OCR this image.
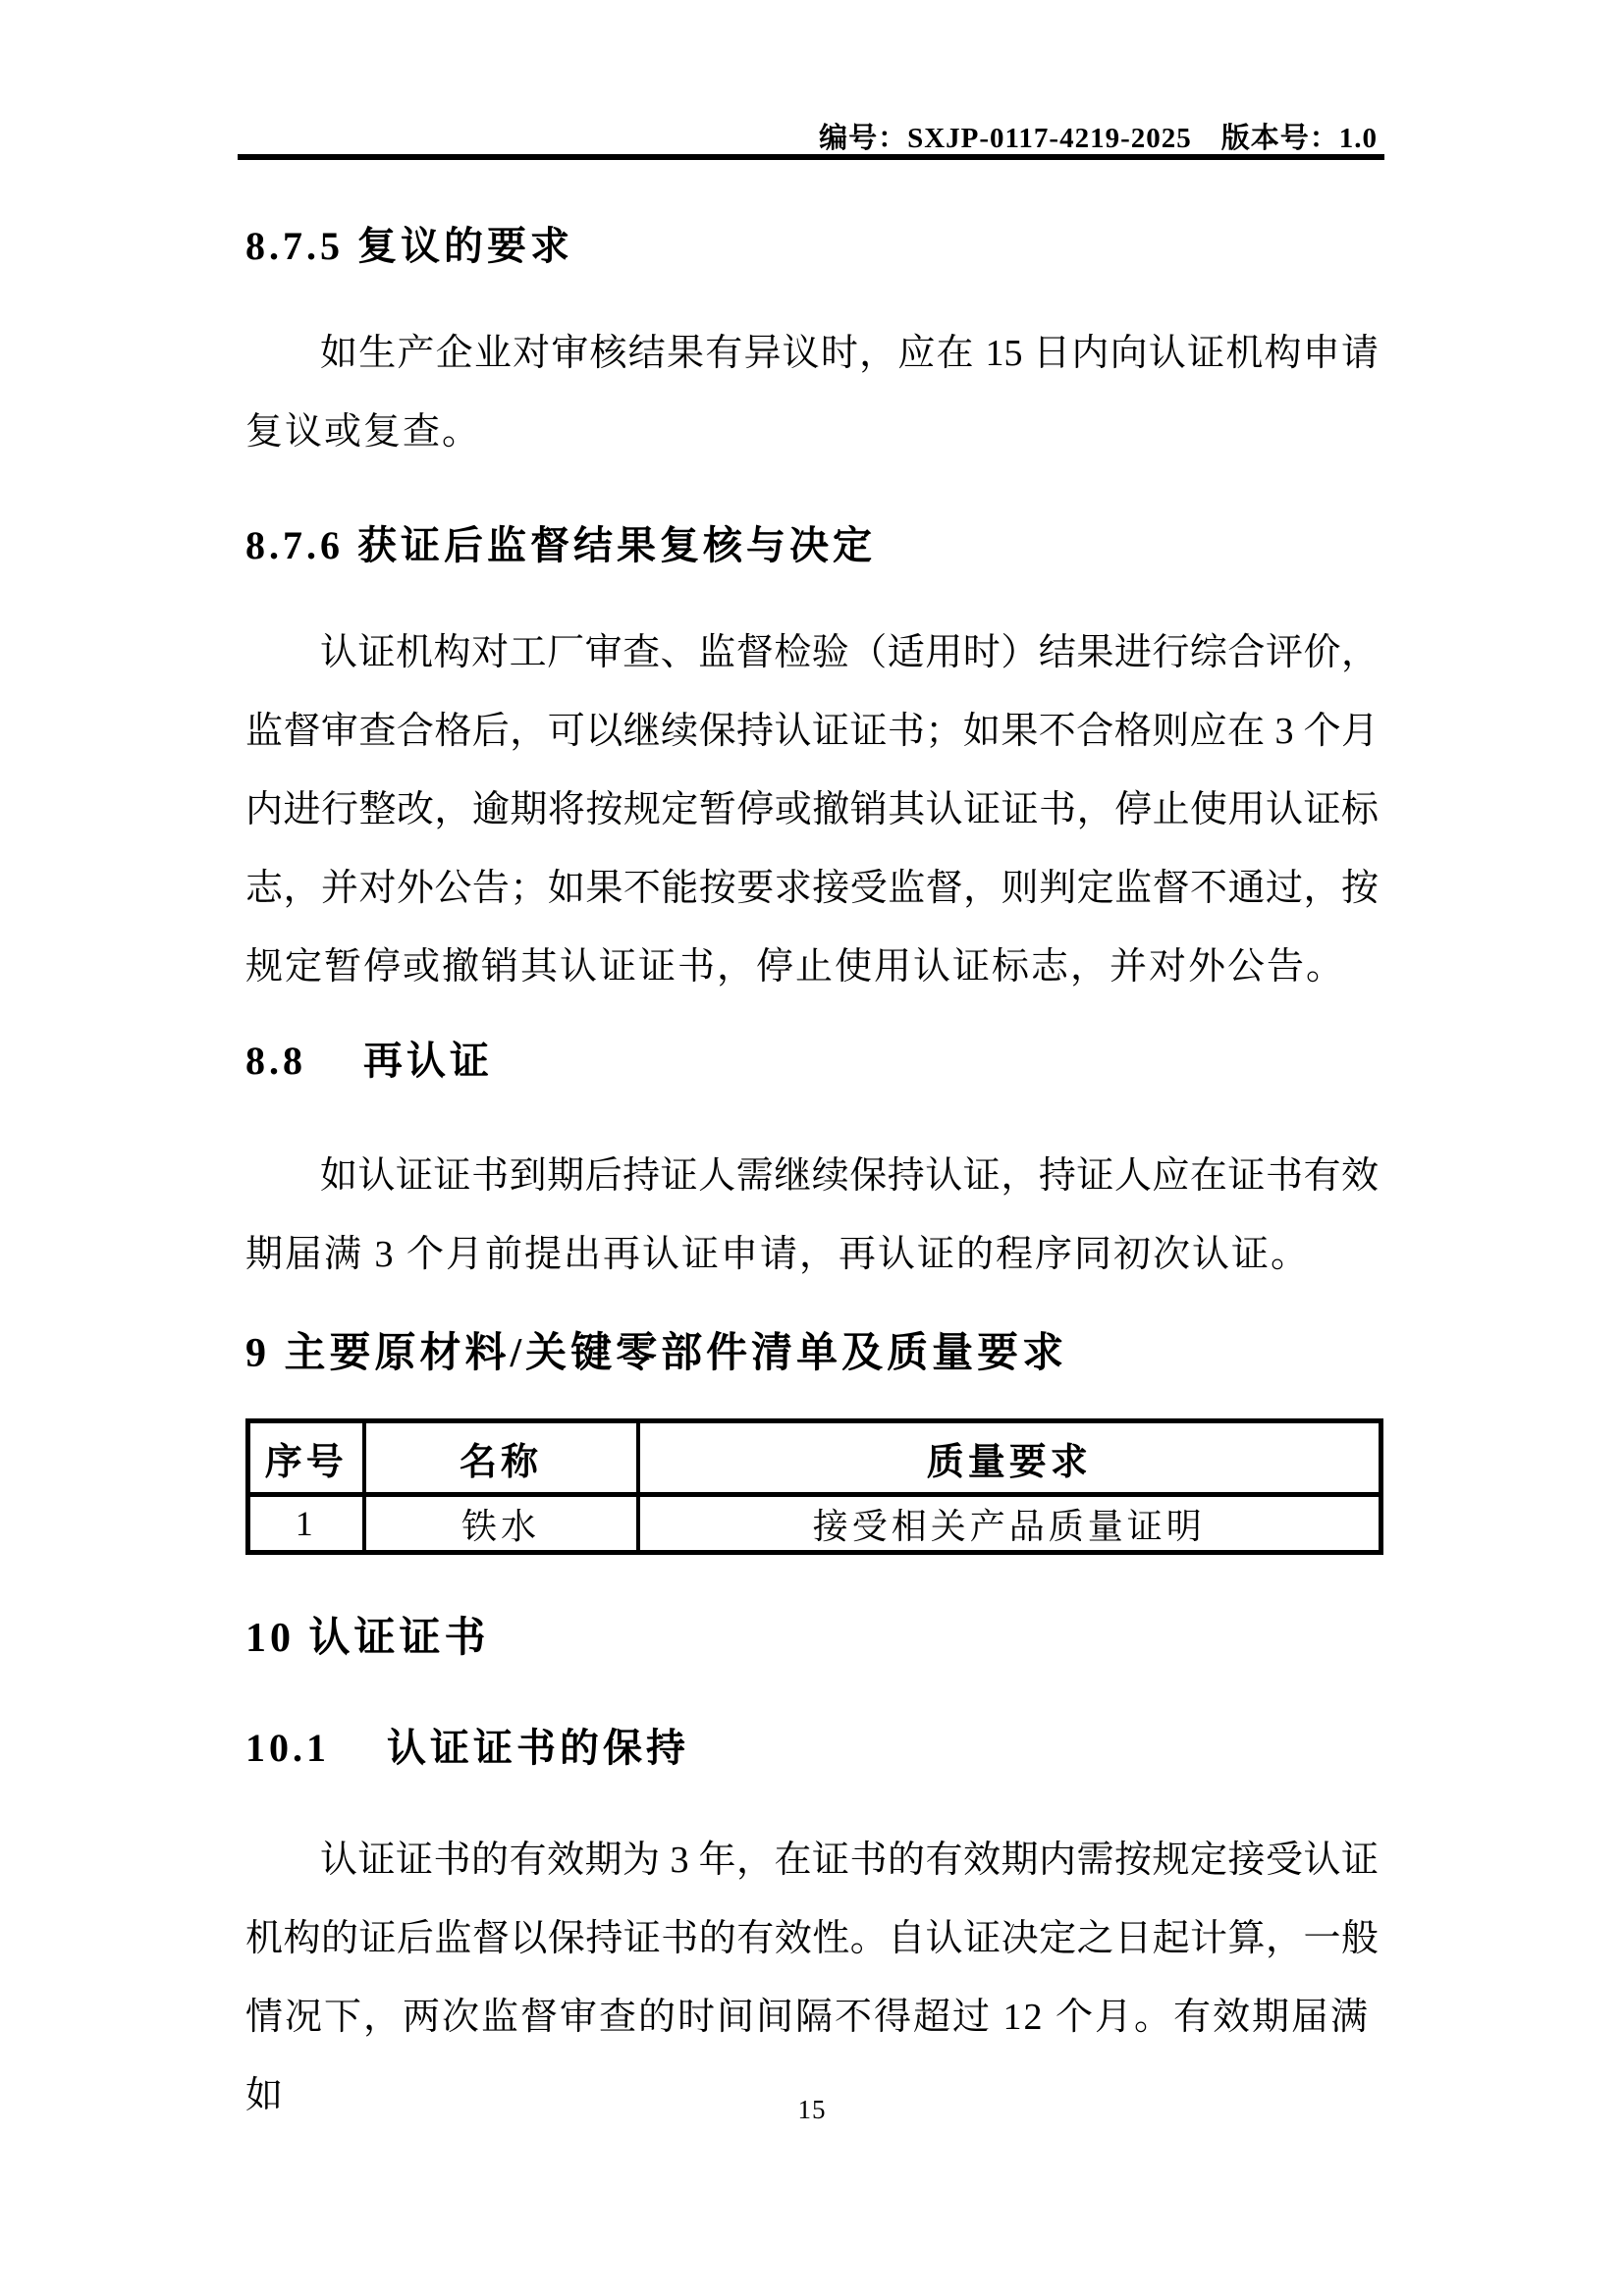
编号：SXJP-0117-4219-2025　版本号：1.0
8.7.5 复议的要求
如生产企业对审核结果有异议时，应在 15 日内向认证机构申请
复议或复查。
8.7.6 获证后监督结果复核与决定
认证机构对工厂审查、监督检验（适用时）结果进行综合评价，
监督审查合格后，可以继续保持认证证书；如果不合格则应在 3 个月
内进行整改，逾期将按规定暂停或撤销其认证证书，停止使用认证标
志，并对外公告；如果不能按要求接受监督，则判定监督不通过，按
规定暂停或撤销其认证证书，停止使用认证标志，并对外公告。
8.8　 再认证
如认证证书到期后持证人需继续保持认证，持证人应在证书有效
期届满 3 个月前提出再认证申请，再认证的程序同初次认证。
9 主要原材料/关键零部件清单及质量要求
序号	名称	质量要求
1	铁水	接受相关产品质量证明
10 认证证书
10.1　 认证证书的保持
认证证书的有效期为 3 年，在证书的有效期内需按规定接受认证
机构的证后监督以保持证书的有效性。自认证决定之日起计算，一般
情况下，两次监督审查的时间间隔不得超过 12 个月。有效期届满如	15
